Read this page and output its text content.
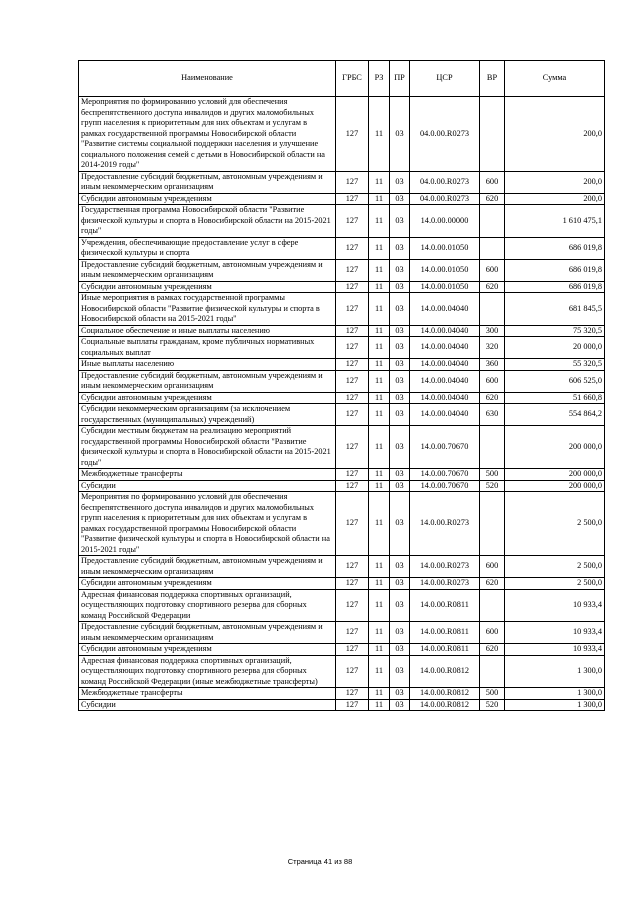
Наименование	ГРБС	РЗ	ПР	ЦСР	ВР	Сумма
Мероприятия по формированию условий для обеспечения беспрепятственного доступа инвалидов и других маломобильных групп населения к приоритетным для них объектам и услугам в рамках государственной программы Новосибирской области "Развитие системы социальной поддержки населения и улучшение социального положения семей с детьми в Новосибирской области на 2014-2019 годы"	127	11	03	04.0.00.R0273		200,0
Предоставление субсидий бюджетным, автономным учреждениям и иным некоммерческим организациям	127	11	03	04.0.00.R0273	600	200,0
Субсидии автономным учреждениям	127	11	03	04.0.00.R0273	620	200,0
Государственная программа Новосибирской области "Развитие физической культуры и спорта в Новосибирской области на 2015-2021 годы"	127	11	03	14.0.00.00000		1 610 475,1
Учреждения, обеспечивающие предоставление услуг в сфере физической культуры и спорта	127	11	03	14.0.00.01050		686 019,8
Предоставление субсидий бюджетным, автономным учреждениям и иным некоммерческим организациям	127	11	03	14.0.00.01050	600	686 019,8
Субсидии автономным учреждениям	127	11	03	14.0.00.01050	620	686 019,8
Иные мероприятия в рамках государственной программы Новосибирской области "Развитие физической культуры и спорта в Новосибирской области на 2015-2021 годы"	127	11	03	14.0.00.04040		681 845,5
Социальное обеспечение и иные выплаты населению	127	11	03	14.0.00.04040	300	75 320,5
Социальные выплаты гражданам, кроме публичных нормативных социальных выплат	127	11	03	14.0.00.04040	320	20 000,0
Иные выплаты населению	127	11	03	14.0.00.04040	360	55 320,5
Предоставление субсидий бюджетным, автономным учреждениям и иным некоммерческим организациям	127	11	03	14.0.00.04040	600	606 525,0
Субсидии автономным учреждениям	127	11	03	14.0.00.04040	620	51 660,8
Субсидии некоммерческим организациям (за исключением государственных (муниципальных) учреждений)	127	11	03	14.0.00.04040	630	554 864,2
Субсидии местным бюджетам на реализацию мероприятий государственной программы Новосибирской области "Развитие физической культуры и спорта в Новосибирской области на 2015-2021 годы"	127	11	03	14.0.00.70670		200 000,0
Межбюджетные трансферты	127	11	03	14.0.00.70670	500	200 000,0
Субсидии	127	11	03	14.0.00.70670	520	200 000,0
Мероприятия по формированию условий для обеспечения беспрепятственного доступа инвалидов и других маломобильных групп населения к приоритетным для них объектам и услугам в рамках государственной программы Новосибирской области "Развитие физической культуры и спорта в Новосибирской области на 2015-2021 годы"	127	11	03	14.0.00.R0273		2 500,0
Предоставление субсидий бюджетным, автономным учреждениям и иным некоммерческим организациям	127	11	03	14.0.00.R0273	600	2 500,0
Субсидии автономным учреждениям	127	11	03	14.0.00.R0273	620	2 500,0
Адресная финансовая поддержка спортивных организаций, осуществляющих подготовку спортивного резерва для сборных команд Российской Федерации	127	11	03	14.0.00.R0811		10 933,4
Предоставление субсидий бюджетным, автономным учреждениям и иным некоммерческим организациям	127	11	03	14.0.00.R0811	600	10 933,4
Субсидии автономным учреждениям	127	11	03	14.0.00.R0811	620	10 933,4
Адресная финансовая поддержка спортивных организаций, осуществляющих подготовку спортивного резерва для сборных команд Российской Федерации (иные межбюджетные трансферты)	127	11	03	14.0.00.R0812		1 300,0
Межбюджетные трансферты	127	11	03	14.0.00.R0812	500	1 300,0
Субсидии	127	11	03	14.0.00.R0812	520	1 300,0
Страница 41 из 88
